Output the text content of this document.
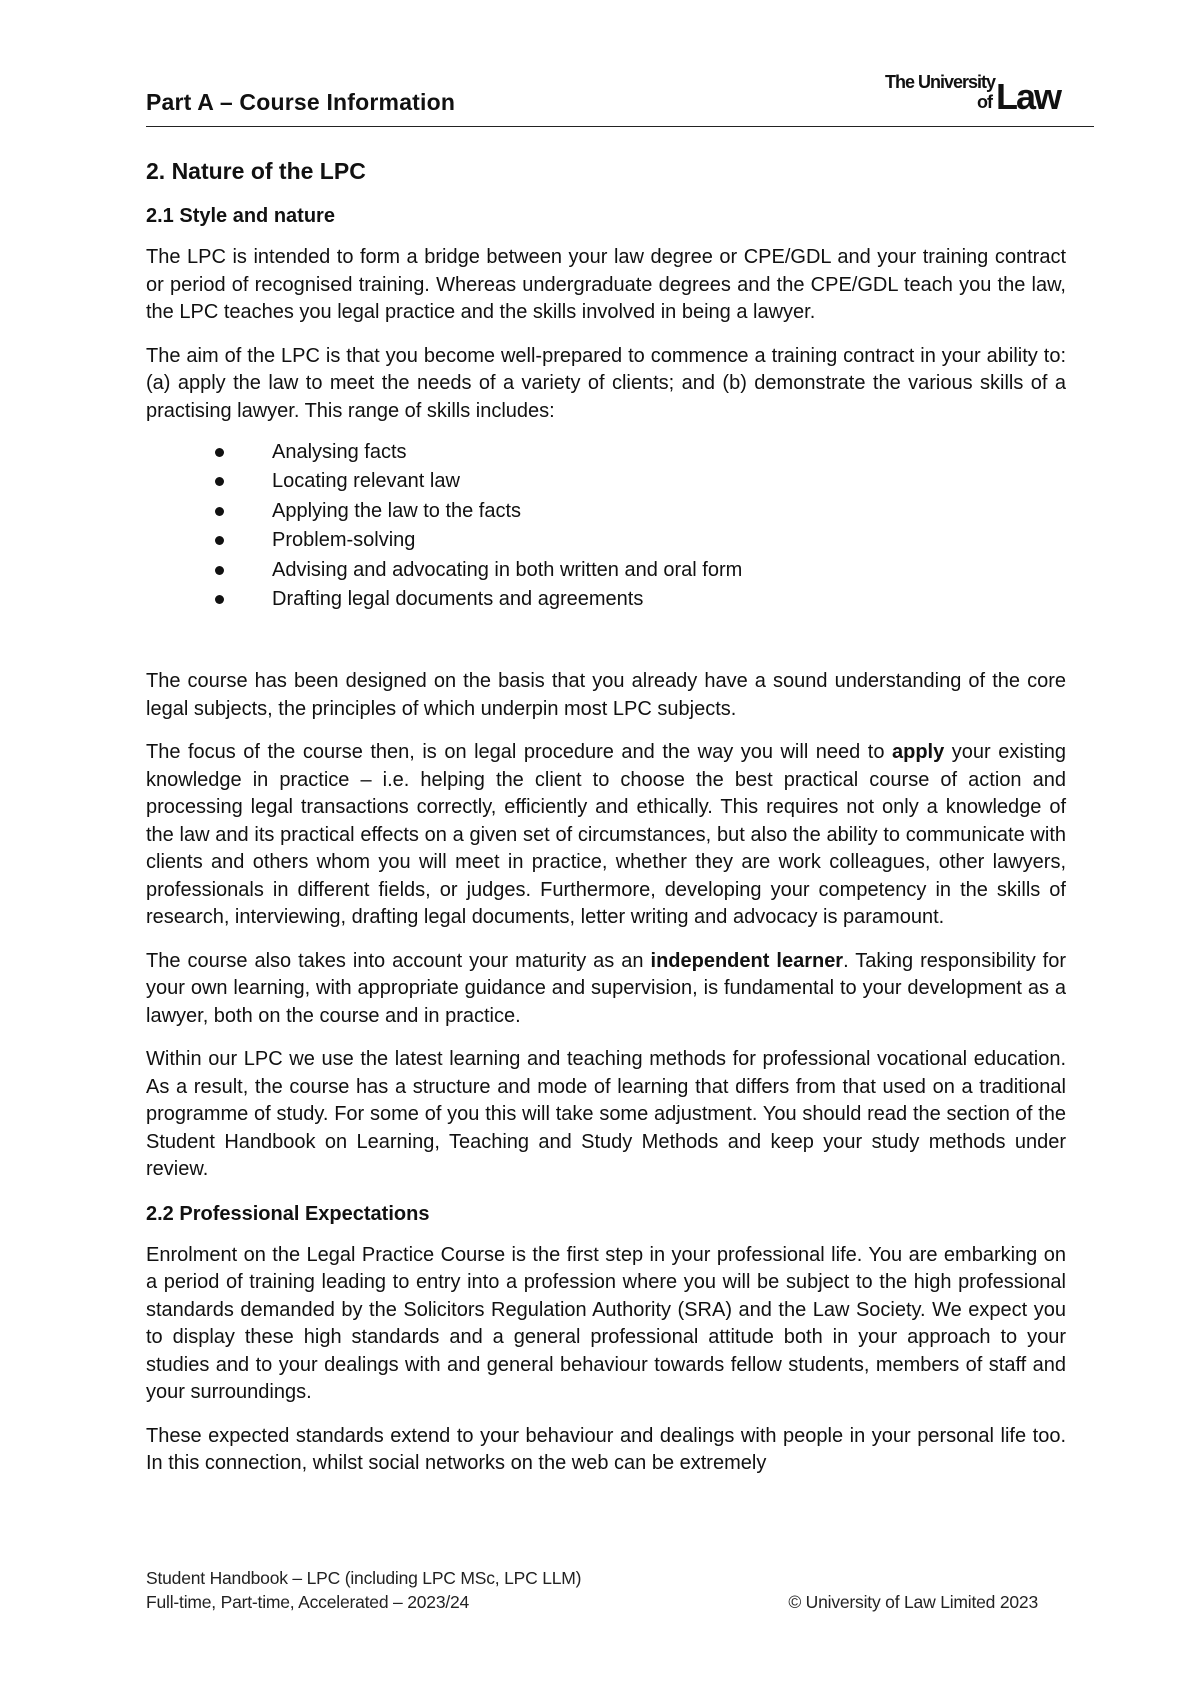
Part A – Course Information
The University
of Law
2. Nature of the LPC
2.1 Style and nature

The LPC is intended to form a bridge between your law degree or CPE/GDL and your training contract or period of recognised training. Whereas undergraduate degrees and the CPE/GDL teach you the law, the LPC teaches you legal practice and the skills involved in being a lawyer.

The aim of the LPC is that you become well-prepared to commence a training contract in your ability to: (a) apply the law to meet the needs of a variety of clients; and (b) demonstrate the various skills of a practising lawyer. This range of skills includes:

Analysing facts
Locating relevant law
Applying the law to the facts
Problem-solving
Advising and advocating in both written and oral form
Drafting legal documents and agreements

The course has been designed on the basis that you already have a sound understanding of the core legal subjects, the principles of which underpin most LPC subjects.

The focus of the course then, is on legal procedure and the way you will need to apply your existing knowledge in practice – i.e. helping the client to choose the best practical course of action and processing legal transactions correctly, efficiently and ethically. This requires not only a knowledge of the law and its practical effects on a given set of circumstances, but also the ability to communicate with clients and others whom you will meet in practice, whether they are work colleagues, other lawyers, professionals in different fields, or judges. Furthermore, developing your competency in the skills of research, interviewing, drafting legal documents, letter writing and advocacy is paramount.

The course also takes into account your maturity as an independent learner. Taking responsibility for your own learning, with appropriate guidance and supervision, is fundamental to your development as a lawyer, both on the course and in practice.

Within our LPC we use the latest learning and teaching methods for professional vocational education. As a result, the course has a structure and mode of learning that differs from that used on a traditional programme of study. For some of you this will take some adjustment. You should read the section of the Student Handbook on Learning, Teaching and Study Methods and keep your study methods under review.

2.2 Professional Expectations

Enrolment on the Legal Practice Course is the first step in your professional life. You are embarking on a period of training leading to entry into a profession where you will be subject to the high professional standards demanded by the Solicitors Regulation Authority (SRA) and the Law Society. We expect you to display these high standards and a general professional attitude both in your approach to your studies and to your dealings with and general behaviour towards fellow students, members of staff and your surroundings.

These expected standards extend to your behaviour and dealings with people in your personal life too. In this connection, whilst social networks on the web can be extremely

Student Handbook – LPC (including LPC MSc, LPC LLM)
Full-time, Part-time, Accelerated – 2023/24	© University of Law Limited 2023
